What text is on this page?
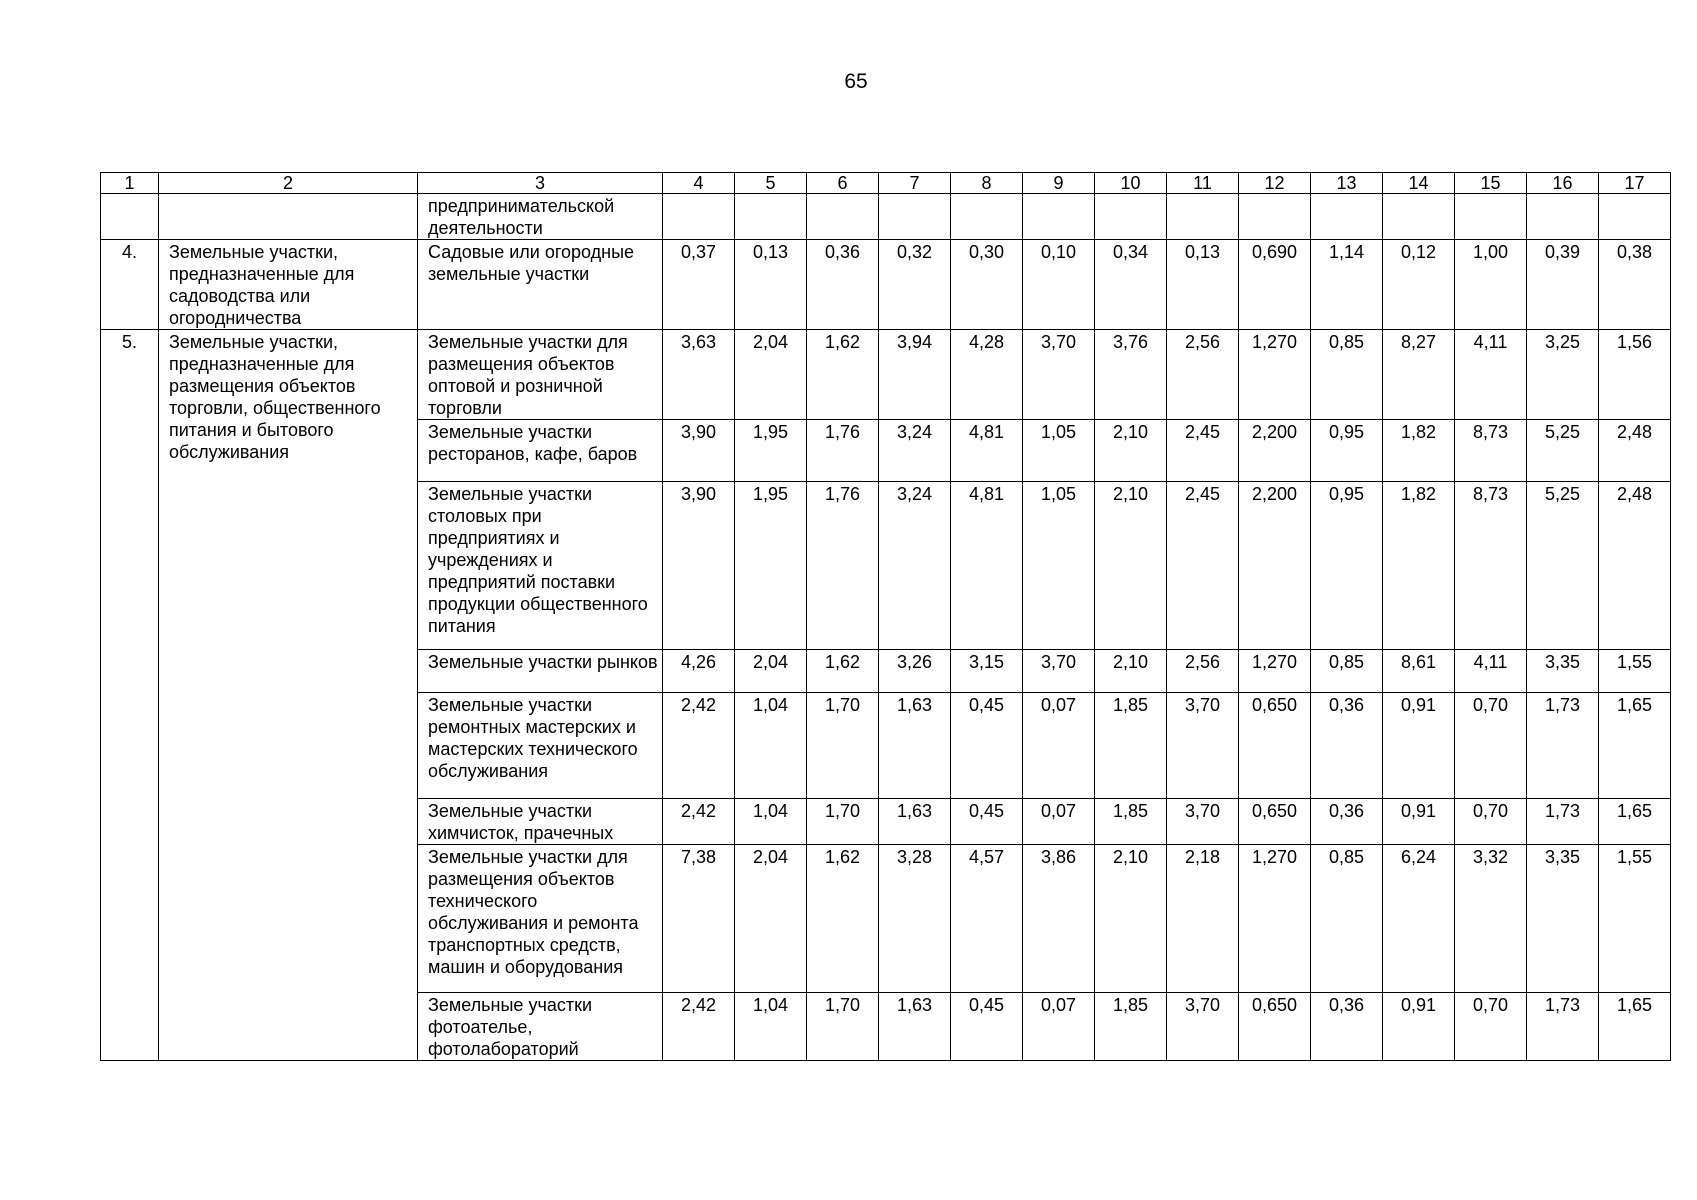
65
1	2	3	4	5	6	7	8	9	10	11	12	13	14	15	16	17
		предпринимательской деятельности														
4.	Земельные участки, предназначенные для садоводства или огородничества	Садовые или огородные земельные участки	0,37	0,13	0,36	0,32	0,30	0,10	0,34	0,13	0,690	1,14	0,12	1,00	0,39	0,38
5.	Земельные участки, предназначенные для размещения объектов торговли, общественного питания и бытового обслуживания	Земельные участки для размещения объектов оптовой и розничной торговли	3,63	2,04	1,62	3,94	4,28	3,70	3,76	2,56	1,270	0,85	8,27	4,11	3,25	1,56
		Земельные участки ресторанов, кафе, баров	3,90	1,95	1,76	3,24	4,81	1,05	2,10	2,45	2,200	0,95	1,82	8,73	5,25	2,48
		Земельные участки столовых при предприятиях и учреждениях и предприятий поставки продукции общественного питания	3,90	1,95	1,76	3,24	4,81	1,05	2,10	2,45	2,200	0,95	1,82	8,73	5,25	2,48
		Земельные участки рынков	4,26	2,04	1,62	3,26	3,15	3,70	2,10	2,56	1,270	0,85	8,61	4,11	3,35	1,55
		Земельные участки ремонтных мастерских и мастерских технического обслуживания	2,42	1,04	1,70	1,63	0,45	0,07	1,85	3,70	0,650	0,36	0,91	0,70	1,73	1,65
		Земельные участки химчисток, прачечных	2,42	1,04	1,70	1,63	0,45	0,07	1,85	3,70	0,650	0,36	0,91	0,70	1,73	1,65
		Земельные участки для размещения объектов технического обслуживания и ремонта транспортных средств, машин и оборудования	7,38	2,04	1,62	3,28	4,57	3,86	2,10	2,18	1,270	0,85	6,24	3,32	3,35	1,55
		Земельные участки фотоателье, фотолабораторий	2,42	1,04	1,70	1,63	0,45	0,07	1,85	3,70	0,650	0,36	0,91	0,70	1,73	1,65
